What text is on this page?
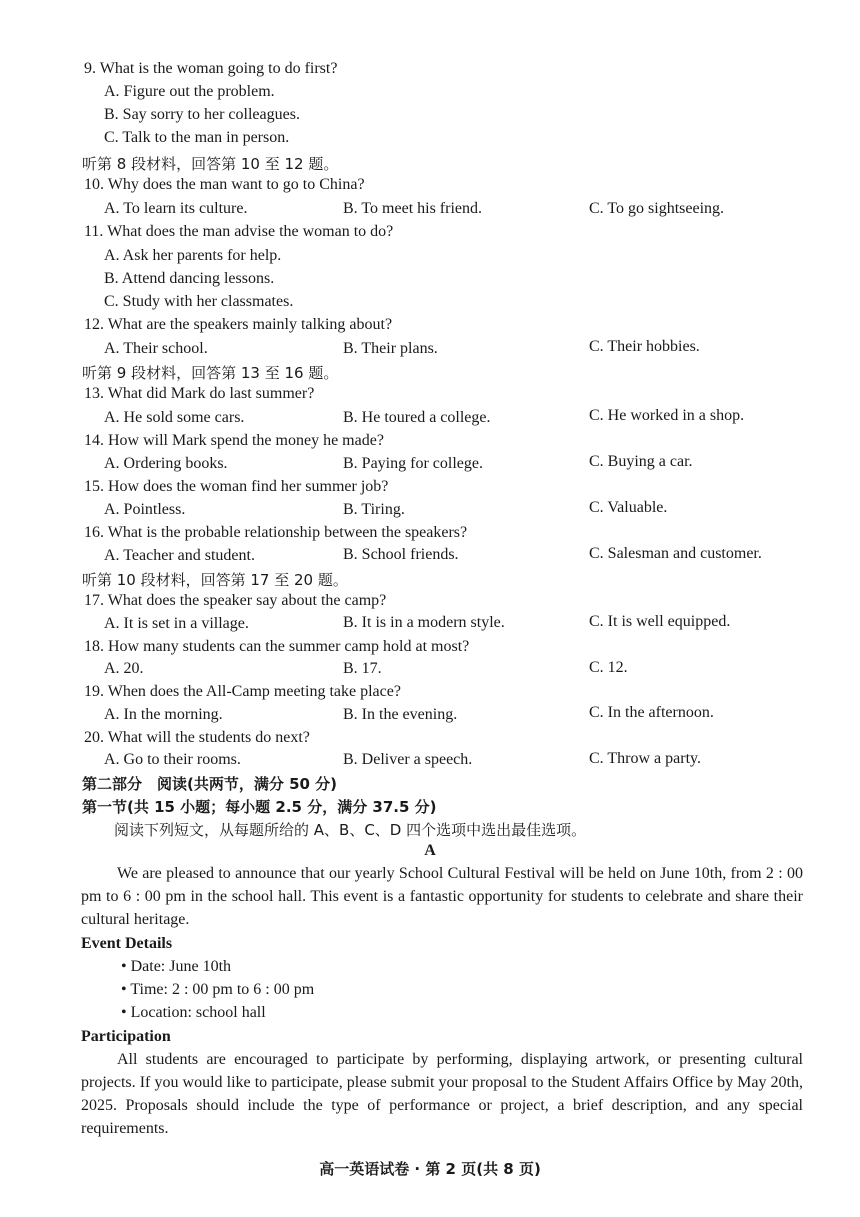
9. What is the woman going to do first?
A. Figure out the problem.
B. Say sorry to her colleagues.
C. Talk to the man in person.
听第 8 段材料，回答第 10 至 12 题。
10. Why does the man want to go to China?
A. To learn its culture.	B. To meet his friend.	C. To go sightseeing.
11. What does the man advise the woman to do?
A. Ask her parents for help.
B. Attend dancing lessons.
C. Study with her classmates.
12. What are the speakers mainly talking about?
A. Their school.	B. Their plans.	C. Their hobbies.
听第 9 段材料，回答第 13 至 16 题。
13. What did Mark do last summer?
A. He sold some cars.	B. He toured a college.	C. He worked in a shop.
14. How will Mark spend the money he made?
A. Ordering books.	B. Paying for college.	C. Buying a car.
15. How does the woman find her summer job?
A. Pointless.	B. Tiring.	C. Valuable.
16. What is the probable relationship between the speakers?
A. Teacher and student.	B. School friends.	C. Salesman and customer.
听第 10 段材料，回答第 17 至 20 题。
17. What does the speaker say about the camp?
A. It is set in a village.	B. It is in a modern style.	C. It is well equipped.
18. How many students can the summer camp hold at most?
A. 20.	B. 17.	C. 12.
19. When does the All-Camp meeting take place?
A. In the morning.	B. In the evening.	C. In the afternoon.
20. What will the students do next?
A. Go to their rooms.	B. Deliver a speech.	C. Throw a party.
第二部分　阅读(共两节，满分 50 分)
第一节(共 15 小题；每小题 2.5 分，满分 37.5 分)
阅读下列短文，从每题所给的 A、B、C、D 四个选项中选出最佳选项。
A

We are pleased to announce that our yearly School Cultural Festival will be held on June 10th, from 2 : 00 pm to 6 : 00 pm in the school hall. This event is a fantastic opportunity for students to celebrate and share their cultural heritage.

Event Details
• Date: June 10th
• Time: 2 : 00 pm to 6 : 00 pm
• Location: school hall
Participation

All students are encouraged to participate by performing, displaying artwork, or presenting cultural projects. If you would like to participate, please submit your proposal to the Student Affairs Office by May 20th, 2025. Proposals should include the type of performance or project, a brief description, and any special requirements.

高一英语试卷 · 第 2 页(共 8 页)
